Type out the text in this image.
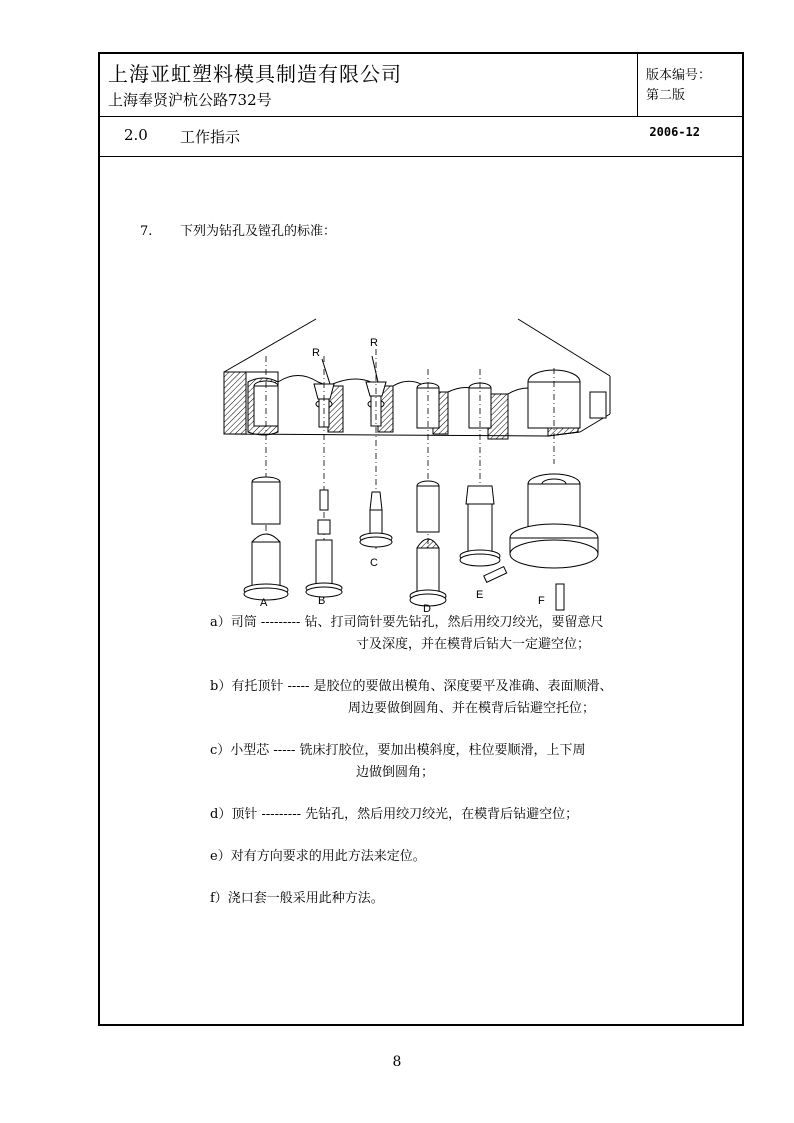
上海亚虹塑料模具制造有限公司
上海奉贤沪杭公路732号
版本编号：
第二版
2.0 工作指示	2006-12
7. 下列为钻孔及镗孔的标准：
R
R
A	B
C
D
E	F
a）司筒 --------- 钻、打司筒针要先钻孔，然后用绞刀绞光，要留意尺
寸及深度，并在模背后钻大一定避空位；
b）有托顶针 ----- 是胶位的要做出模角、深度要平及准确、表面顺滑、
周边要做倒圆角、并在模背后钻避空托位；
c）小型芯 ----- 铣床打胶位，要加出模斜度，柱位要顺滑，上下周
边做倒圆角；
d）顶针 --------- 先钻孔，然后用绞刀绞光，在模背后钻避空位；
e）对有方向要求的用此方法来定位。
f）浇口套一般采用此种方法。
8
